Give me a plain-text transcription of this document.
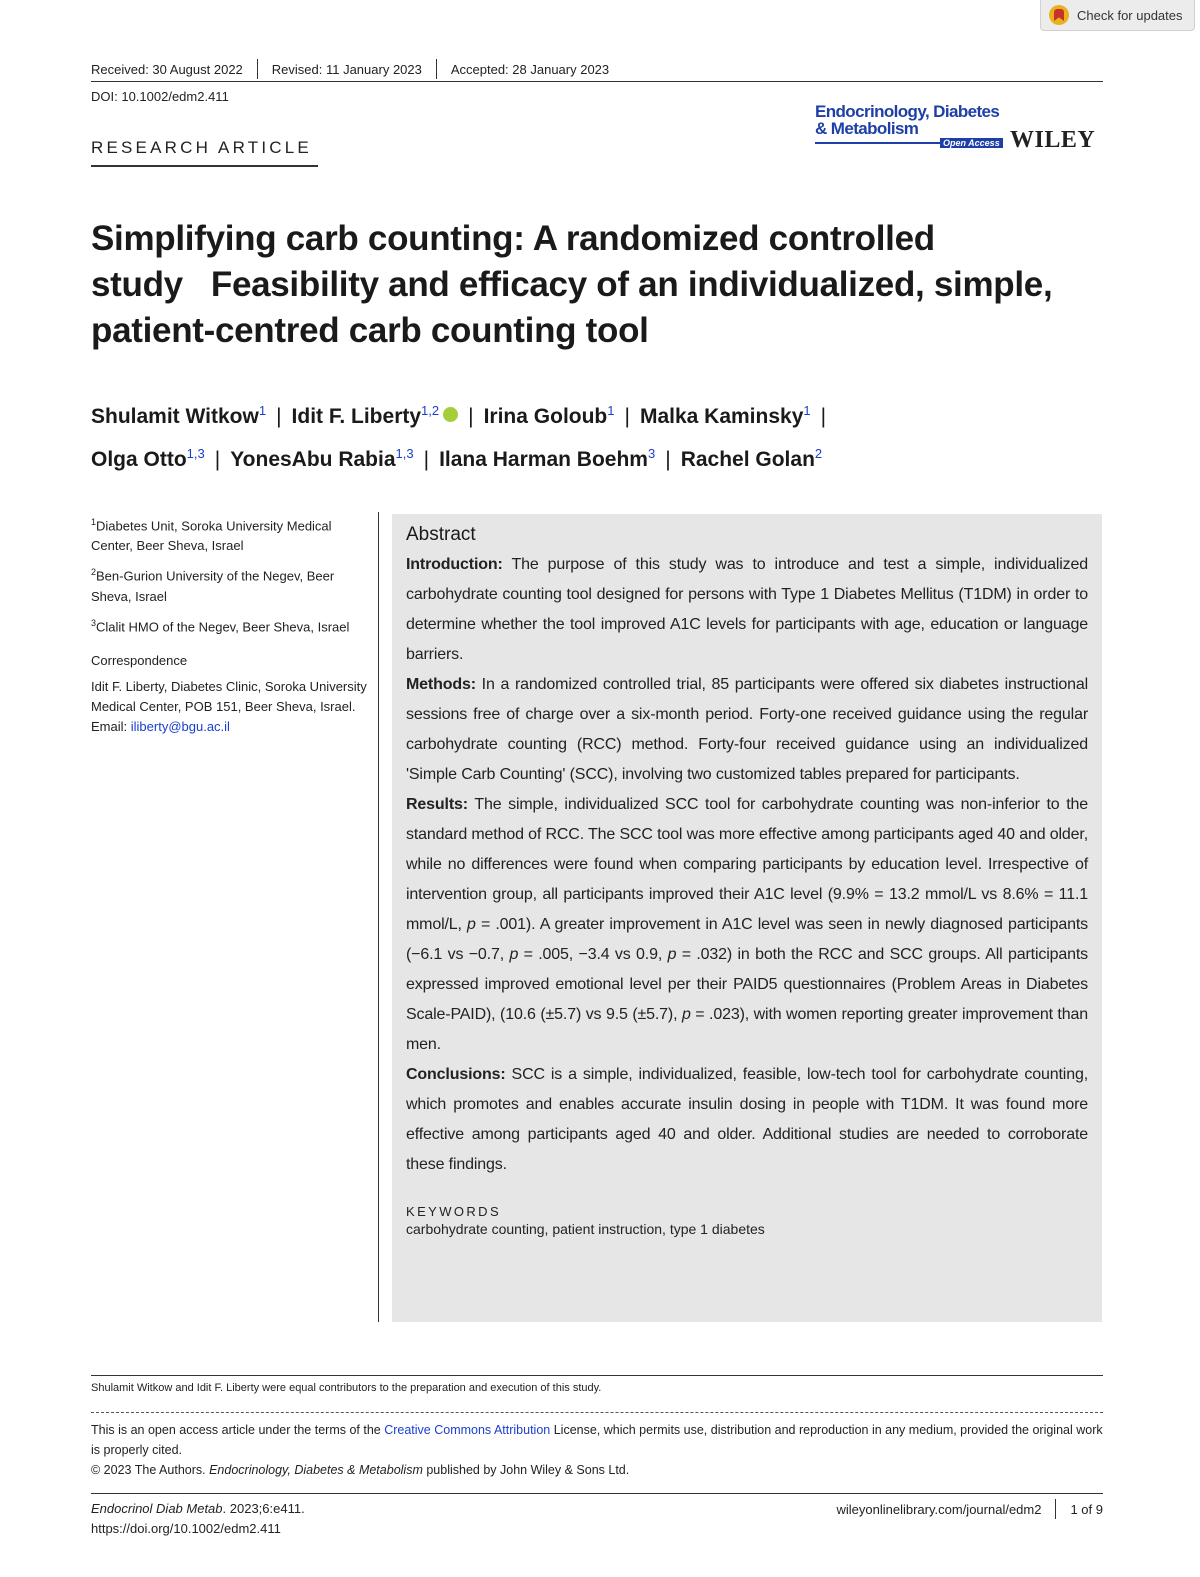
Check for updates
Received: 30 August 2022 Revised: 11 January 2023 Accepted: 28 January 2023
DOI: 10.1002/edm2.411
RESEARCH ARTICLE
Endocrinology, Diabetes
& Metabolism
Open Access WILEY
Simplifying carb counting: A randomized controlled
study Feasibility and efficacy of an individualized, simple,
patient-centred carb counting tool
Shulamit Witkow$^1$ | Idit F. Liberty$^{1,2}$iD | Irina Goloub$^1$ | Malka Kaminsky$^1$ |
Olga Otto$^{1,3}$ | YonesAbu Rabia$^{1,3}$ | Ilana Harman Boehm$^3$ | Rachel Golan$^2$

$^1$Diabetes Unit, Soroka University Medical Center, Beer Sheva, Israel

$^2$Ben-Gurion University of the Negev, Beer Sheva, Israel

$^3$Clalit HMO of the Negev, Beer Sheva, Israel

Correspondence

Idit F. Liberty, Diabetes Clinic, Soroka University Medical Center, POB 151, Beer Sheva, Israel.
Email: iliberty@bgu.ac.il

Abstract

Introduction: The purpose of this study was to introduce and test a simple, individualized carbohydrate counting tool designed for persons with Type 1 Diabetes Mellitus (T1DM) in order to determine whether the tool improved A1C levels for participants with age, education or language barriers.

Methods: In a randomized controlled trial, 85 participants were offered six diabetes instructional sessions free of charge over a six-month period. Forty-one received guidance using the regular carbohydrate counting (RCC) method. Forty-four received guidance using an individualized 'Simple Carb Counting' (SCC), involving two customized tables prepared for participants.

Results: The simple, individualized SCC tool for carbohydrate counting was non-inferior to the standard method of RCC. The SCC tool was more effective among participants aged 40 and older, while no differences were found when comparing participants by education level. Irrespective of intervention group, all participants improved their A1C level (9.9% = 13.2 mmol/L vs 8.6% = 11.1 mmol/L, p = .001). A greater improvement in A1C level was seen in newly diagnosed participants (−6.1 vs −0.7, p = .005, −3.4 vs 0.9, p = .032) in both the RCC and SCC groups. All participants expressed improved emotional level per their PAID5 questionnaires (Problem Areas in Diabetes Scale-PAID), (10.6 (±5.7) vs 9.5 (±5.7), p = .023), with women reporting greater improvement than men.

Conclusions: SCC is a simple, individualized, feasible, low-tech tool for carbohydrate counting, which promotes and enables accurate insulin dosing in people with T1DM. It was found more effective among participants aged 40 and older. Additional studies are needed to corroborate these findings.

KEYWORDS
carbohydrate counting, patient instruction, type 1 diabetes
Shulamit Witkow and Idit F. Liberty were equal contributors to the preparation and execution of this study.

This is an open access article under the terms of the Creative Commons Attribution License, which permits use, distribution and reproduction in any medium, provided the original work is properly cited.

© 2023 The Authors. Endocrinology, Diabetes & Metabolism published by John Wiley & Sons Ltd.

Endocrinol Diab Metab. 2023;6:e411.
https://doi.org/10.1002/edm2.411
wileyonlinelibrary.com/journal/edm2 1 of 9
